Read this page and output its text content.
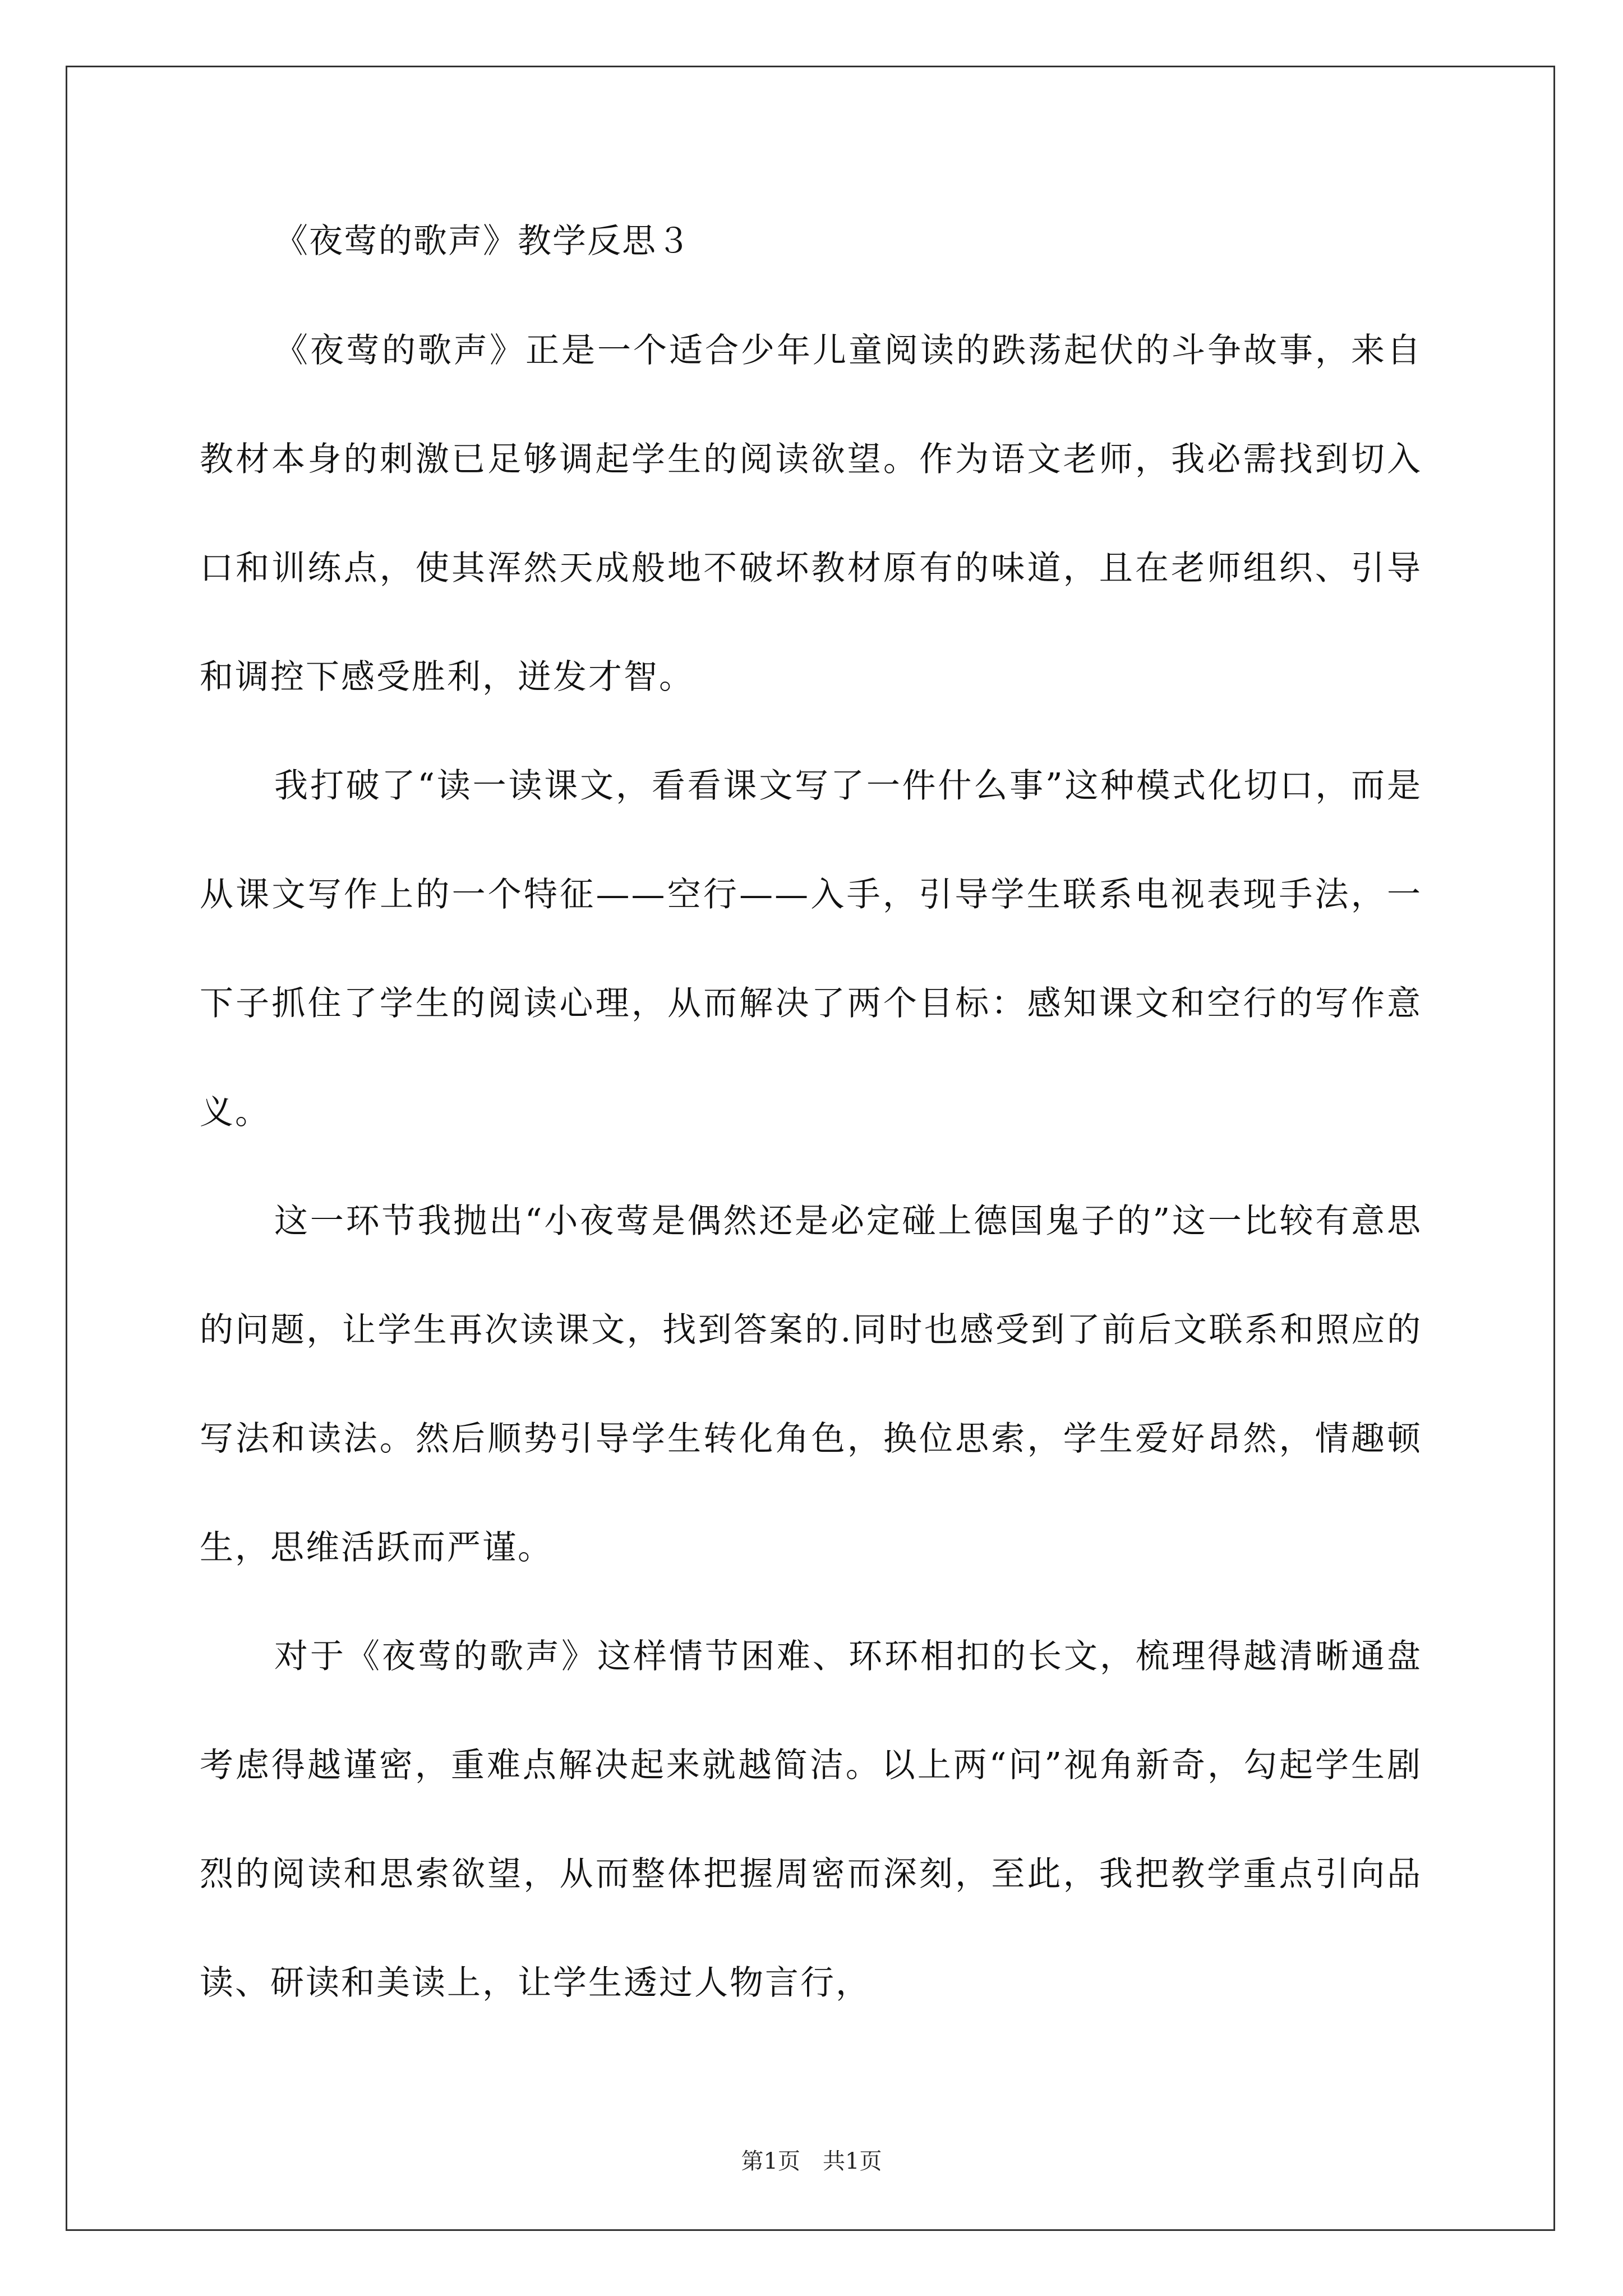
《夜莺的歌声》教学反思３

《夜莺的歌声》正是一个适合少年儿童阅读的跌荡起伏的斗争故事，来自教材本身的刺激已足够调起学生的阅读欲望。作为语文老师，我必需找到切入口和训练点，使其浑然天成般地不破坏教材原有的味道，且在老师组织、引导和调控下感受胜利，迸发才智。

我打破了“读一读课文，看看课文写了一件什么事”这种模式化切口，而是从课文写作上的一个特征——空行——入手，引导学生联系电视表现手法，一下子抓住了学生的阅读心理，从而解决了两个目标：感知课文和空行的写作意义。

这一环节我抛出“小夜莺是偶然还是必定碰上德国鬼子的”这一比较有意思的问题，让学生再次读课文，找到答案的.同时也感受到了前后文联系和照应的写法和读法。然后顺势引导学生转化角色，换位思索，学生爱好昂然，情趣顿生，思维活跃而严谨。

对于《夜莺的歌声》这样情节困难、环环相扣的长文，梳理得越清晰通盘考虑得越谨密，重难点解决起来就越简洁。以上两“问”视角新奇，勾起学生剧烈的阅读和思索欲望，从而整体把握周密而深刻，至此，我把教学重点引向品读、研读和美读上，让学生透过人物言行，

第1页　共1页
